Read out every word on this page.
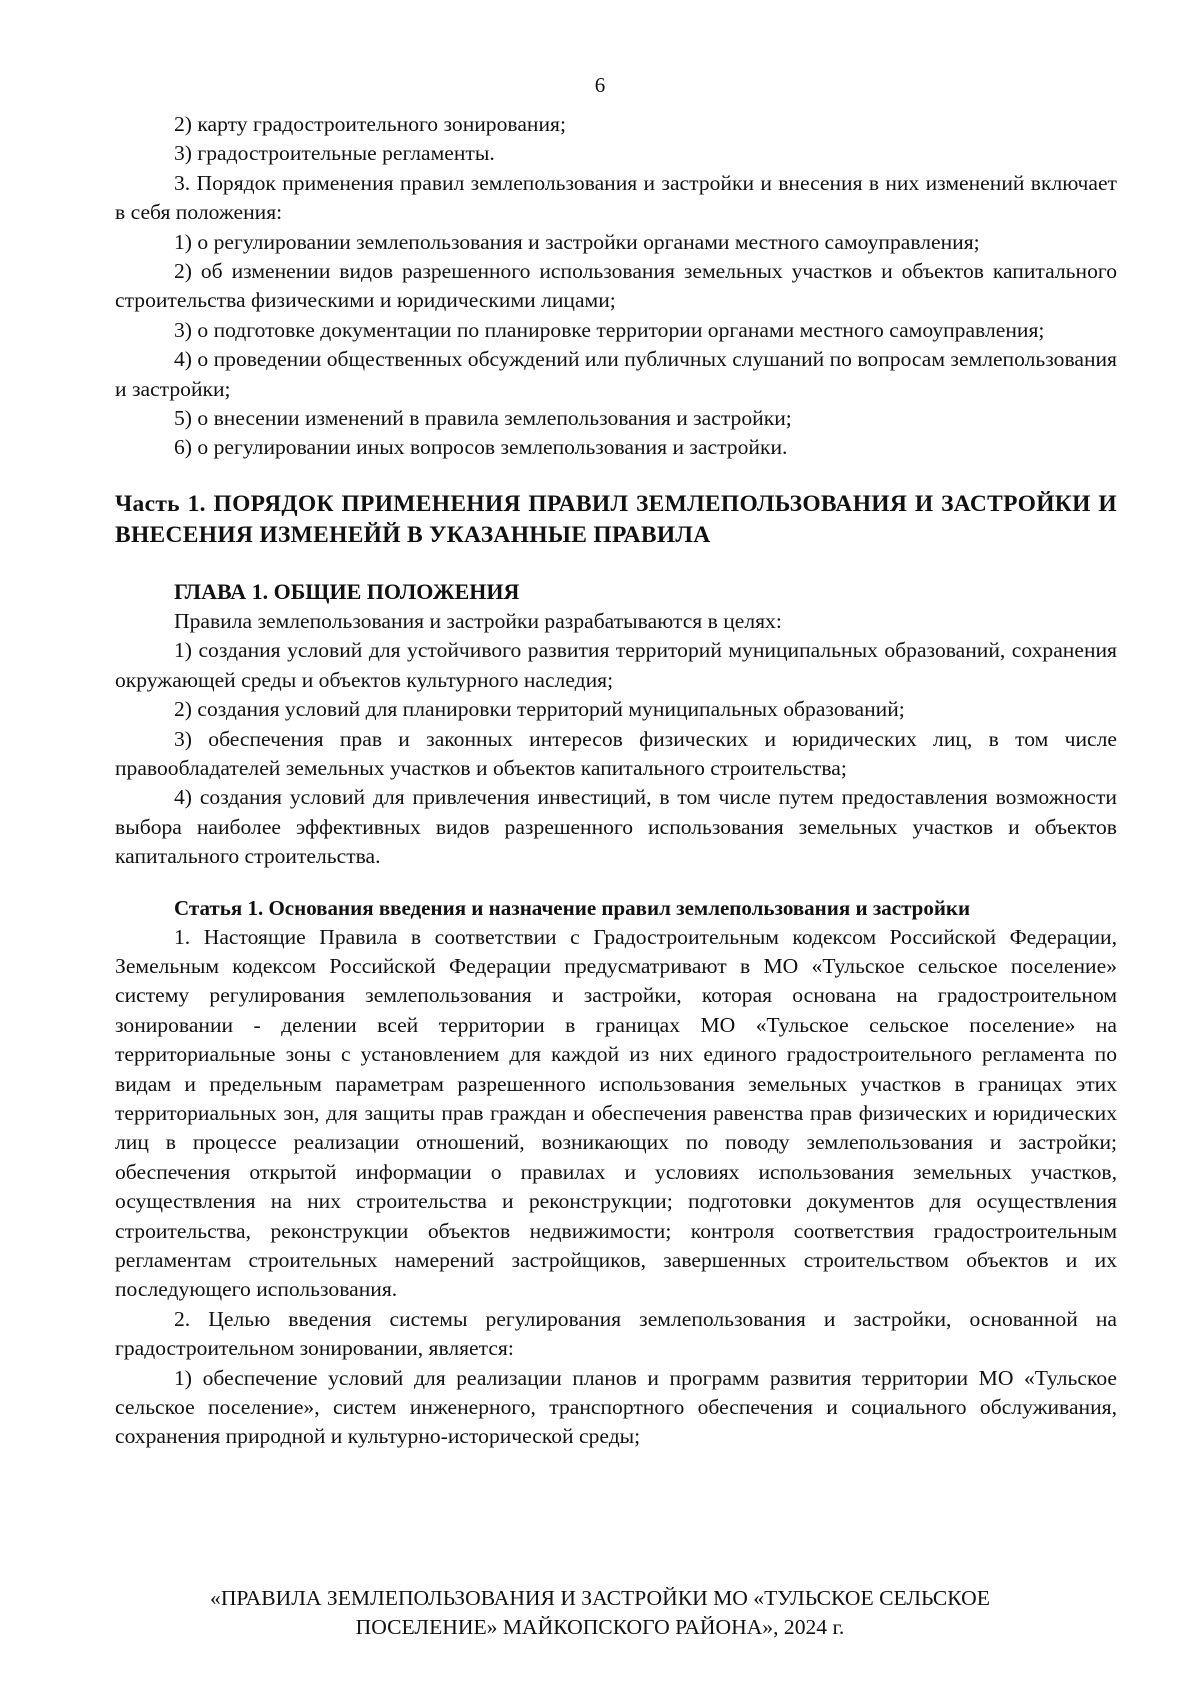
6

2) карту градостроительного зонирования;

3) градостроительные регламенты.

3. Порядок применения правил землепользования и застройки и внесения в них изменений включает в себя положения:

1) о регулировании землепользования и застройки органами местного самоуправления;

2) об изменении видов разрешенного использования земельных участков и объектов капитального строительства физическими и юридическими лицами;

3) о подготовке документации по планировке территории органами местного самоуправления;

4) о проведении общественных обсуждений или публичных слушаний по вопросам землепользования и застройки;

5) о внесении изменений в правила землепользования и застройки;

6) о регулировании иных вопросов землепользования и застройки.

Часть 1. ПОРЯДОК ПРИМЕНЕНИЯ ПРАВИЛ ЗЕМЛЕПОЛЬЗОВАНИЯ И ЗАСТРОЙКИ И ВНЕСЕНИЯ ИЗМЕНЕЙЙ В УКАЗАННЫЕ ПРАВИЛА
ГЛАВА 1. ОБЩИЕ ПОЛОЖЕНИЯ

Правила землепользования и застройки разрабатываются в целях:

1) создания условий для устойчивого развития территорий муниципальных образований, сохранения окружающей среды и объектов культурного наследия;

2) создания условий для планировки территорий муниципальных образований;

3) обеспечения прав и законных интересов физических и юридических лиц, в том числе правообладателей земельных участков и объектов капитального строительства;

4) создания условий для привлечения инвестиций, в том числе путем предоставления возможности выбора наиболее эффективных видов разрешенного использования земельных участков и объектов капитального строительства.

Статья 1. Основания введения и назначение правил землепользования и застройки

1. Настоящие Правила в соответствии с Градостроительным кодексом Российской Федерации, Земельным кодексом Российской Федерации предусматривают в МО «Тульское сельское поселение» систему регулирования землепользования и застройки, которая основана на градостроительном зонировании - делении всей территории в границах МО «Тульское сельское поселение» на территориальные зоны с установлением для каждой из них единого градостроительного регламента по видам и предельным параметрам разрешенного использования земельных участков в границах этих территориальных зон, для защиты прав граждан и обеспечения равенства прав физических и юридических лиц в процессе реализации отношений, возникающих по поводу землепользования и застройки; обеспечения открытой информации о правилах и условиях использования земельных участков, осуществления на них строительства и реконструкции; подготовки документов для осуществления строительства, реконструкции объектов недвижимости; контроля соответствия градостроительным регламентам строительных намерений застройщиков, завершенных строительством объектов и их последующего использования.

2. Целью введения системы регулирования землепользования и застройки, основанной на градостроительном зонировании, является:

1) обеспечение условий для реализации планов и программ развития территории МО «Тульское сельское поселение», систем инженерного, транспортного обеспечения и социального обслуживания, сохранения природной и культурно-исторической среды;

«ПРАВИЛА ЗЕМЛЕПОЛЬЗОВАНИЯ И ЗАСТРОЙКИ МО «ТУЛЬСКОЕ СЕЛЬСКОЕ
ПОСЕЛЕНИЕ» МАЙКОПСКОГО РАЙОНА», 2024 г.
